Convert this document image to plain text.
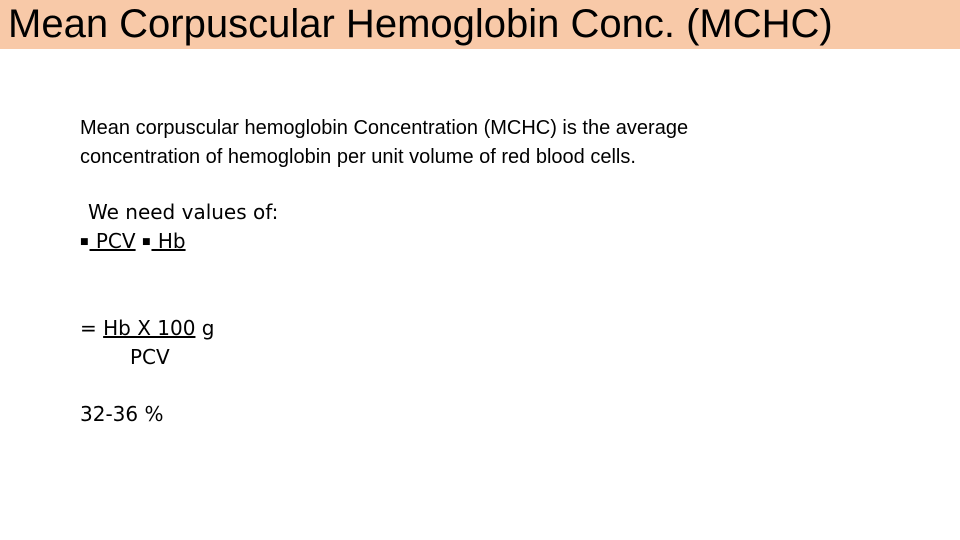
Mean Corpuscular Hemoglobin Conc. (MCHC)
Mean corpuscular hemoglobin Concentration (MCHC) is the average
concentration of hemoglobin per unit volume of red blood cells.
We need values of:
■ PCV ■ Hb
= Hb X 100 g
PCV
32-36 %
